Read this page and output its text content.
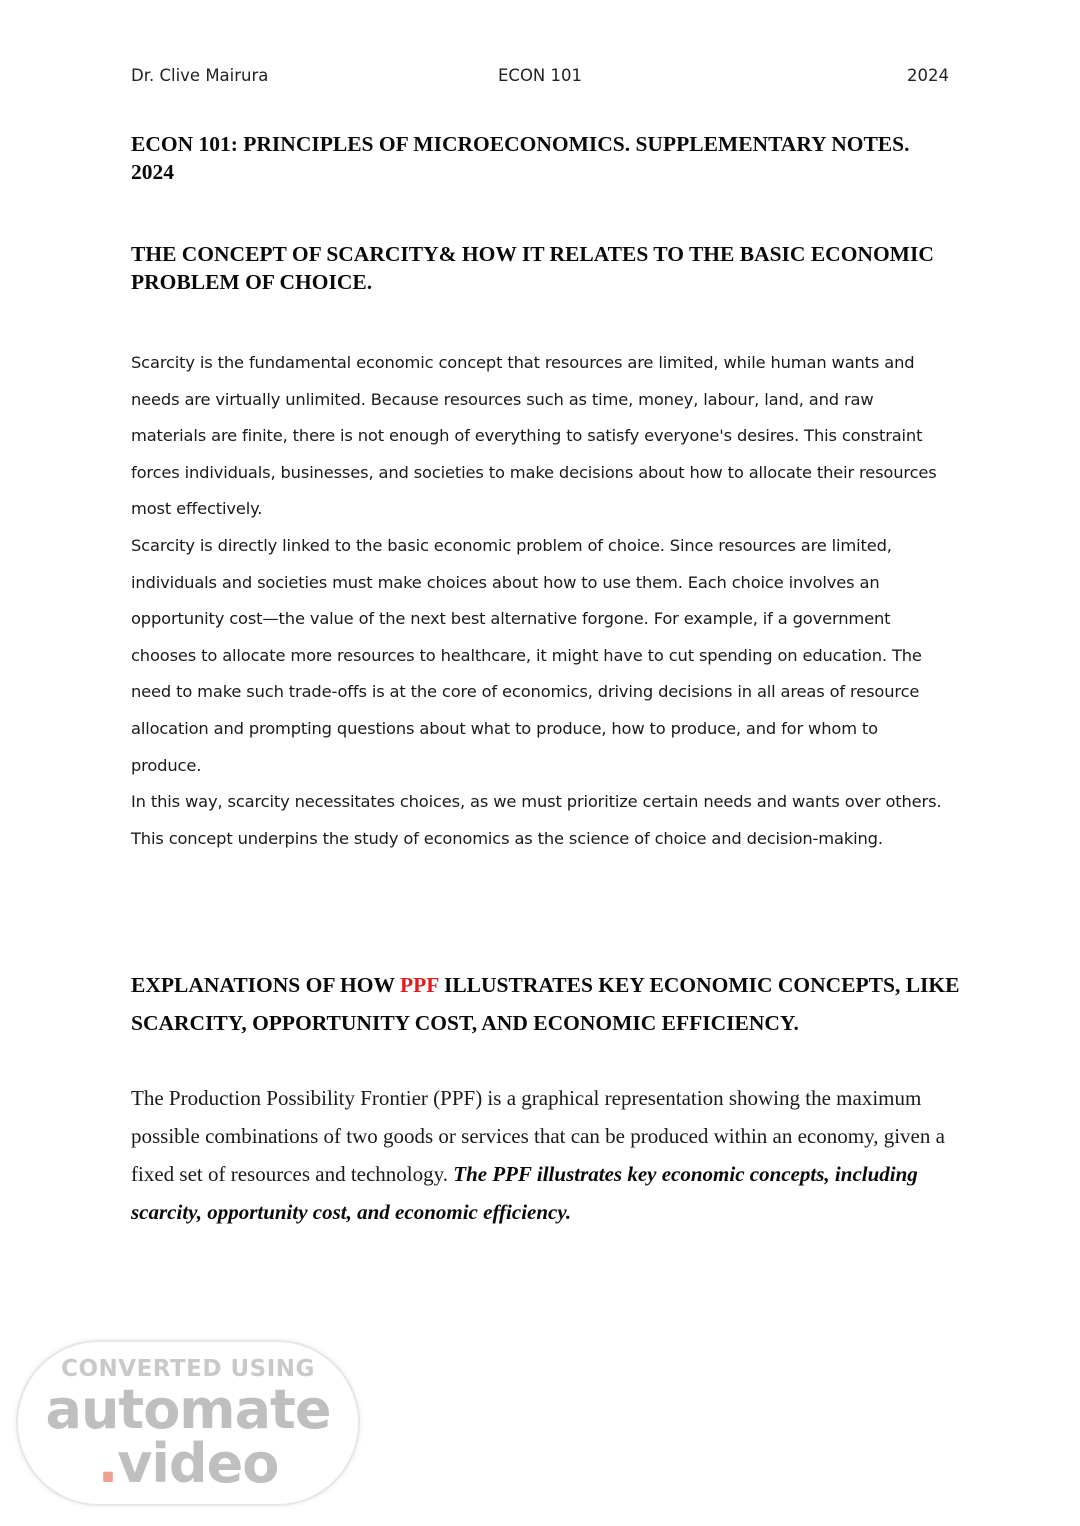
Dr. Clive Mairura	ECON 101	2024
ECON 101: PRINCIPLES OF MICROECONOMICS. SUPPLEMENTARY NOTES. 2024
THE CONCEPT OF SCARCITY& HOW IT RELATES TO THE BASIC ECONOMIC PROBLEM OF CHOICE.

Scarcity is the fundamental economic concept that resources are limited, while human wants and needs are virtually unlimited. Because resources such as time, money, labour, land, and raw materials are finite, there is not enough of everything to satisfy everyone's desires. This constraint forces individuals, businesses, and societies to make decisions about how to allocate their resources most effectively.

Scarcity is directly linked to the basic economic problem of choice. Since resources are limited, individuals and societies must make choices about how to use them. Each choice involves an opportunity cost—the value of the next best alternative forgone. For example, if a government chooses to allocate more resources to healthcare, it might have to cut spending on education. The need to make such trade-offs is at the core of economics, driving decisions in all areas of resource allocation and prompting questions about what to produce, how to produce, and for whom to produce.

In this way, scarcity necessitates choices, as we must prioritize certain needs and wants over others. This concept underpins the study of economics as the science of choice and decision-making.

EXPLANATIONS OF HOW PPF ILLUSTRATES KEY ECONOMIC CONCEPTS, LIKE SCARCITY, OPPORTUNITY COST, AND ECONOMIC EFFICIENCY.

The Production Possibility Frontier (PPF) is a graphical representation showing the maximum possible combinations of two goods or services that can be produced within an economy, given a fixed set of resources and technology. The PPF illustrates key economic concepts, including scarcity, opportunity cost, and economic efficiency.

CONVERTED USING
automate
.video
